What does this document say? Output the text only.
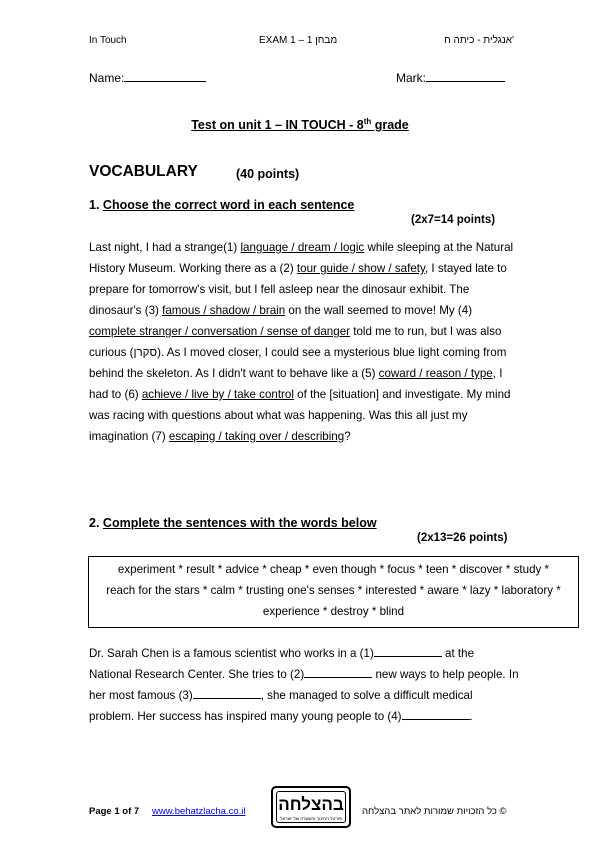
In Touch	EXAM 1 – מבחן 1	אנגלית - כיתה ח'
Name:	Mark:
Test on unit 1 – IN TOUCH - 8th grade
VOCABULARY	(40 points)
1. Choose the correct word in each sentence
(2x7=14 points)

Last night, I had a strange(1) language / dream / logic while sleeping at the Natural History Museum. Working there as a (2) tour guide / show / safety, I stayed late to prepare for tomorrow's visit, but I fell asleep near the dinosaur exhibit. The dinosaur's (3) famous / shadow / brain on the wall seemed to move! My (4) complete stranger / conversation / sense of danger told me to run, but I was also curious (סקרן). As I moved closer, I could see a mysterious blue light coming from behind the skeleton. As I didn't want to behave like a (5) coward / reason / type, I had to (6) achieve / live by / take control of the [situation] and investigate. My mind was racing with questions about what was happening. Was this all just my imagination (7) escaping / taking over / describing?

2. Complete the sentences with the words below
(2x13=26 points)
experiment * result * advice * cheap * even though * focus * teen * discover * study *
reach for the stars * calm * trusting one's senses * interested * aware * lazy * laboratory *
experience * destroy * blind

Dr. Sarah Chen is a famous scientist who works in a (1)	at the National Research Center. She tries to (2)	new ways to help people. In her most famous (3)	, she managed to solve a difficult medical problem. Her success has inspired many young people to (4)	.

Page 1 of 7 www.behatzlacha.co.il בהצלחה
פורטל החינוך והעשרה של ישראל
כל הזכויות שמורות לאתר בהצלחה ©
